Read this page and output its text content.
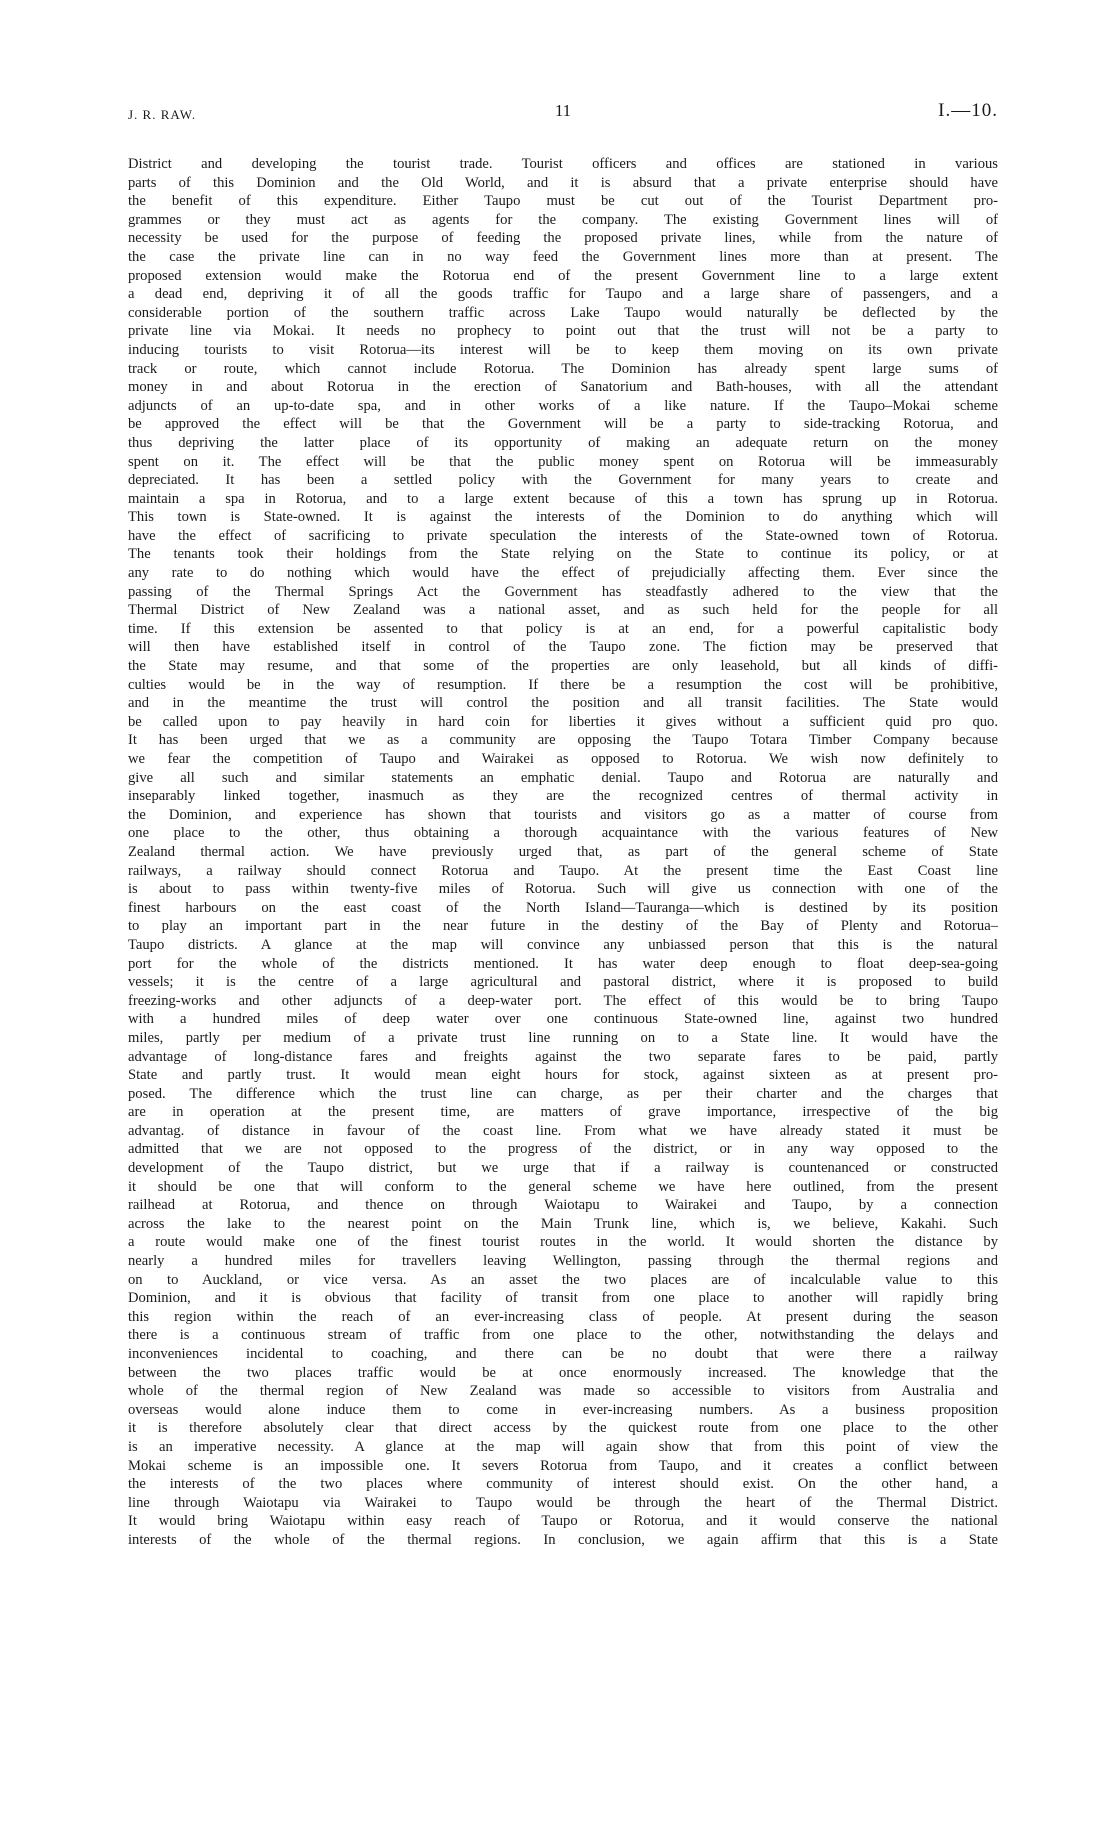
J. R. RAW.	11	I.—10.
District and developing the tourist trade. Tourist officers and offices are stationed in various
parts of this Dominion and the Old World, and it is absurd that a private enterprise should have
the benefit of this expenditure. Either Taupo must be cut out of the Tourist Department pro-
grammes or they must act as agents for the company. The existing Government lines will of
necessity be used for the purpose of feeding the proposed private lines, while from the nature of
the case the private line can in no way feed the Government lines more than at present. The
proposed extension would make the Rotorua end of the present Government line to a large extent
a dead end, depriving it of all the goods traffic for Taupo and a large share of passengers, and a
considerable portion of the southern traffic across Lake Taupo would naturally be deflected by the
private line via Mokai. It needs no prophecy to point out that the trust will not be a party to
inducing tourists to visit Rotorua—its interest will be to keep them moving on its own private
track or route, which cannot include Rotorua. The Dominion has already spent large sums of
money in and about Rotorua in the erection of Sanatorium and Bath-houses, with all the attendant
adjuncts of an up-to-date spa, and in other works of a like nature. If the Taupo–Mokai scheme
be approved the effect will be that the Government will be a party to side-tracking Rotorua, and
thus depriving the latter place of its opportunity of making an adequate return on the money
spent on it. The effect will be that the public money spent on Rotorua will be immeasurably
depreciated. It has been a settled policy with the Government for many years to create and
maintain a spa in Rotorua, and to a large extent because of this a town has sprung up in Rotorua.
This town is State-owned. It is against the interests of the Dominion to do anything which will
have the effect of sacrificing to private speculation the interests of the State-owned town of Rotorua.
The tenants took their holdings from the State relying on the State to continue its policy, or at
any rate to do nothing which would have the effect of prejudicially affecting them. Ever since the
passing of the Thermal Springs Act the Government has steadfastly adhered to the view that the
Thermal District of New Zealand was a national asset, and as such held for the people for all
time. If this extension be assented to that policy is at an end, for a powerful capitalistic body
will then have established itself in control of the Taupo zone. The fiction may be preserved that
the State may resume, and that some of the properties are only leasehold, but all kinds of diffi-
culties would be in the way of resumption. If there be a resumption the cost will be prohibitive,
and in the meantime the trust will control the position and all transit facilities. The State would
be called upon to pay heavily in hard coin for liberties it gives without a sufficient quid pro quo.
It has been urged that we as a community are opposing the Taupo Totara Timber Company because
we fear the competition of Taupo and Wairakei as opposed to Rotorua. We wish now definitely to
give all such and similar statements an emphatic denial. Taupo and Rotorua are naturally and
inseparably linked together, inasmuch as they are the recognized centres of thermal activity in
the Dominion, and experience has shown that tourists and visitors go as a matter of course from
one place to the other, thus obtaining a thorough acquaintance with the various features of New
Zealand thermal action. We have previously urged that, as part of the general scheme of State
railways, a railway should connect Rotorua and Taupo. At the present time the East Coast line
is about to pass within twenty-five miles of Rotorua. Such will give us connection with one of the
finest harbours on the east coast of the North Island—Tauranga—which is destined by its position
to play an important part in the near future in the destiny of the Bay of Plenty and Rotorua–
Taupo districts. A glance at the map will convince any unbiassed person that this is the natural
port for the whole of the districts mentioned. It has water deep enough to float deep-sea-going
vessels; it is the centre of a large agricultural and pastoral district, where it is proposed to build
freezing-works and other adjuncts of a deep-water port. The effect of this would be to bring Taupo
with a hundred miles of deep water over one continuous State-owned line, against two hundred
miles, partly per medium of a private trust line running on to a State line. It would have the
advantage of long-distance fares and freights against the two separate fares to be paid, partly
State and partly trust. It would mean eight hours for stock, against sixteen as at present pro-
posed. The difference which the trust line can charge, as per their charter and the charges that
are in operation at the present time, are matters of grave importance, irrespective of the big
advantag. of distance in favour of the coast line. From what we have already stated it must be
admitted that we are not opposed to the progress of the district, or in any way opposed to the
development of the Taupo district, but we urge that if a railway is countenanced or constructed
it should be one that will conform to the general scheme we have here outlined, from the present
railhead at Rotorua, and thence on through Waiotapu to Wairakei and Taupo, by a connection
across the lake to the nearest point on the Main Trunk line, which is, we believe, Kakahi. Such
a route would make one of the finest tourist routes in the world. It would shorten the distance by
nearly a hundred miles for travellers leaving Wellington, passing through the thermal regions and
on to Auckland, or vice versa. As an asset the two places are of incalculable value to this
Dominion, and it is obvious that facility of transit from one place to another will rapidly bring
this region within the reach of an ever-increasing class of people. At present during the season
there is a continuous stream of traffic from one place to the other, notwithstanding the delays and
inconveniences incidental to coaching, and there can be no doubt that were there a railway
between the two places traffic would be at once enormously increased. The knowledge that the
whole of the thermal region of New Zealand was made so accessible to visitors from Australia and
overseas would alone induce them to come in ever-increasing numbers. As a business proposition
it is therefore absolutely clear that direct access by the quickest route from one place to the other
is an imperative necessity. A glance at the map will again show that from this point of view the
Mokai scheme is an impossible one. It severs Rotorua from Taupo, and it creates a conflict between
the interests of the two places where community of interest should exist. On the other hand, a
line through Waiotapu via Wairakei to Taupo would be through the heart of the Thermal District.
It would bring Waiotapu within easy reach of Taupo or Rotorua, and it would conserve the national
interests of the whole of the thermal regions. In conclusion, we again affirm that this is a State
